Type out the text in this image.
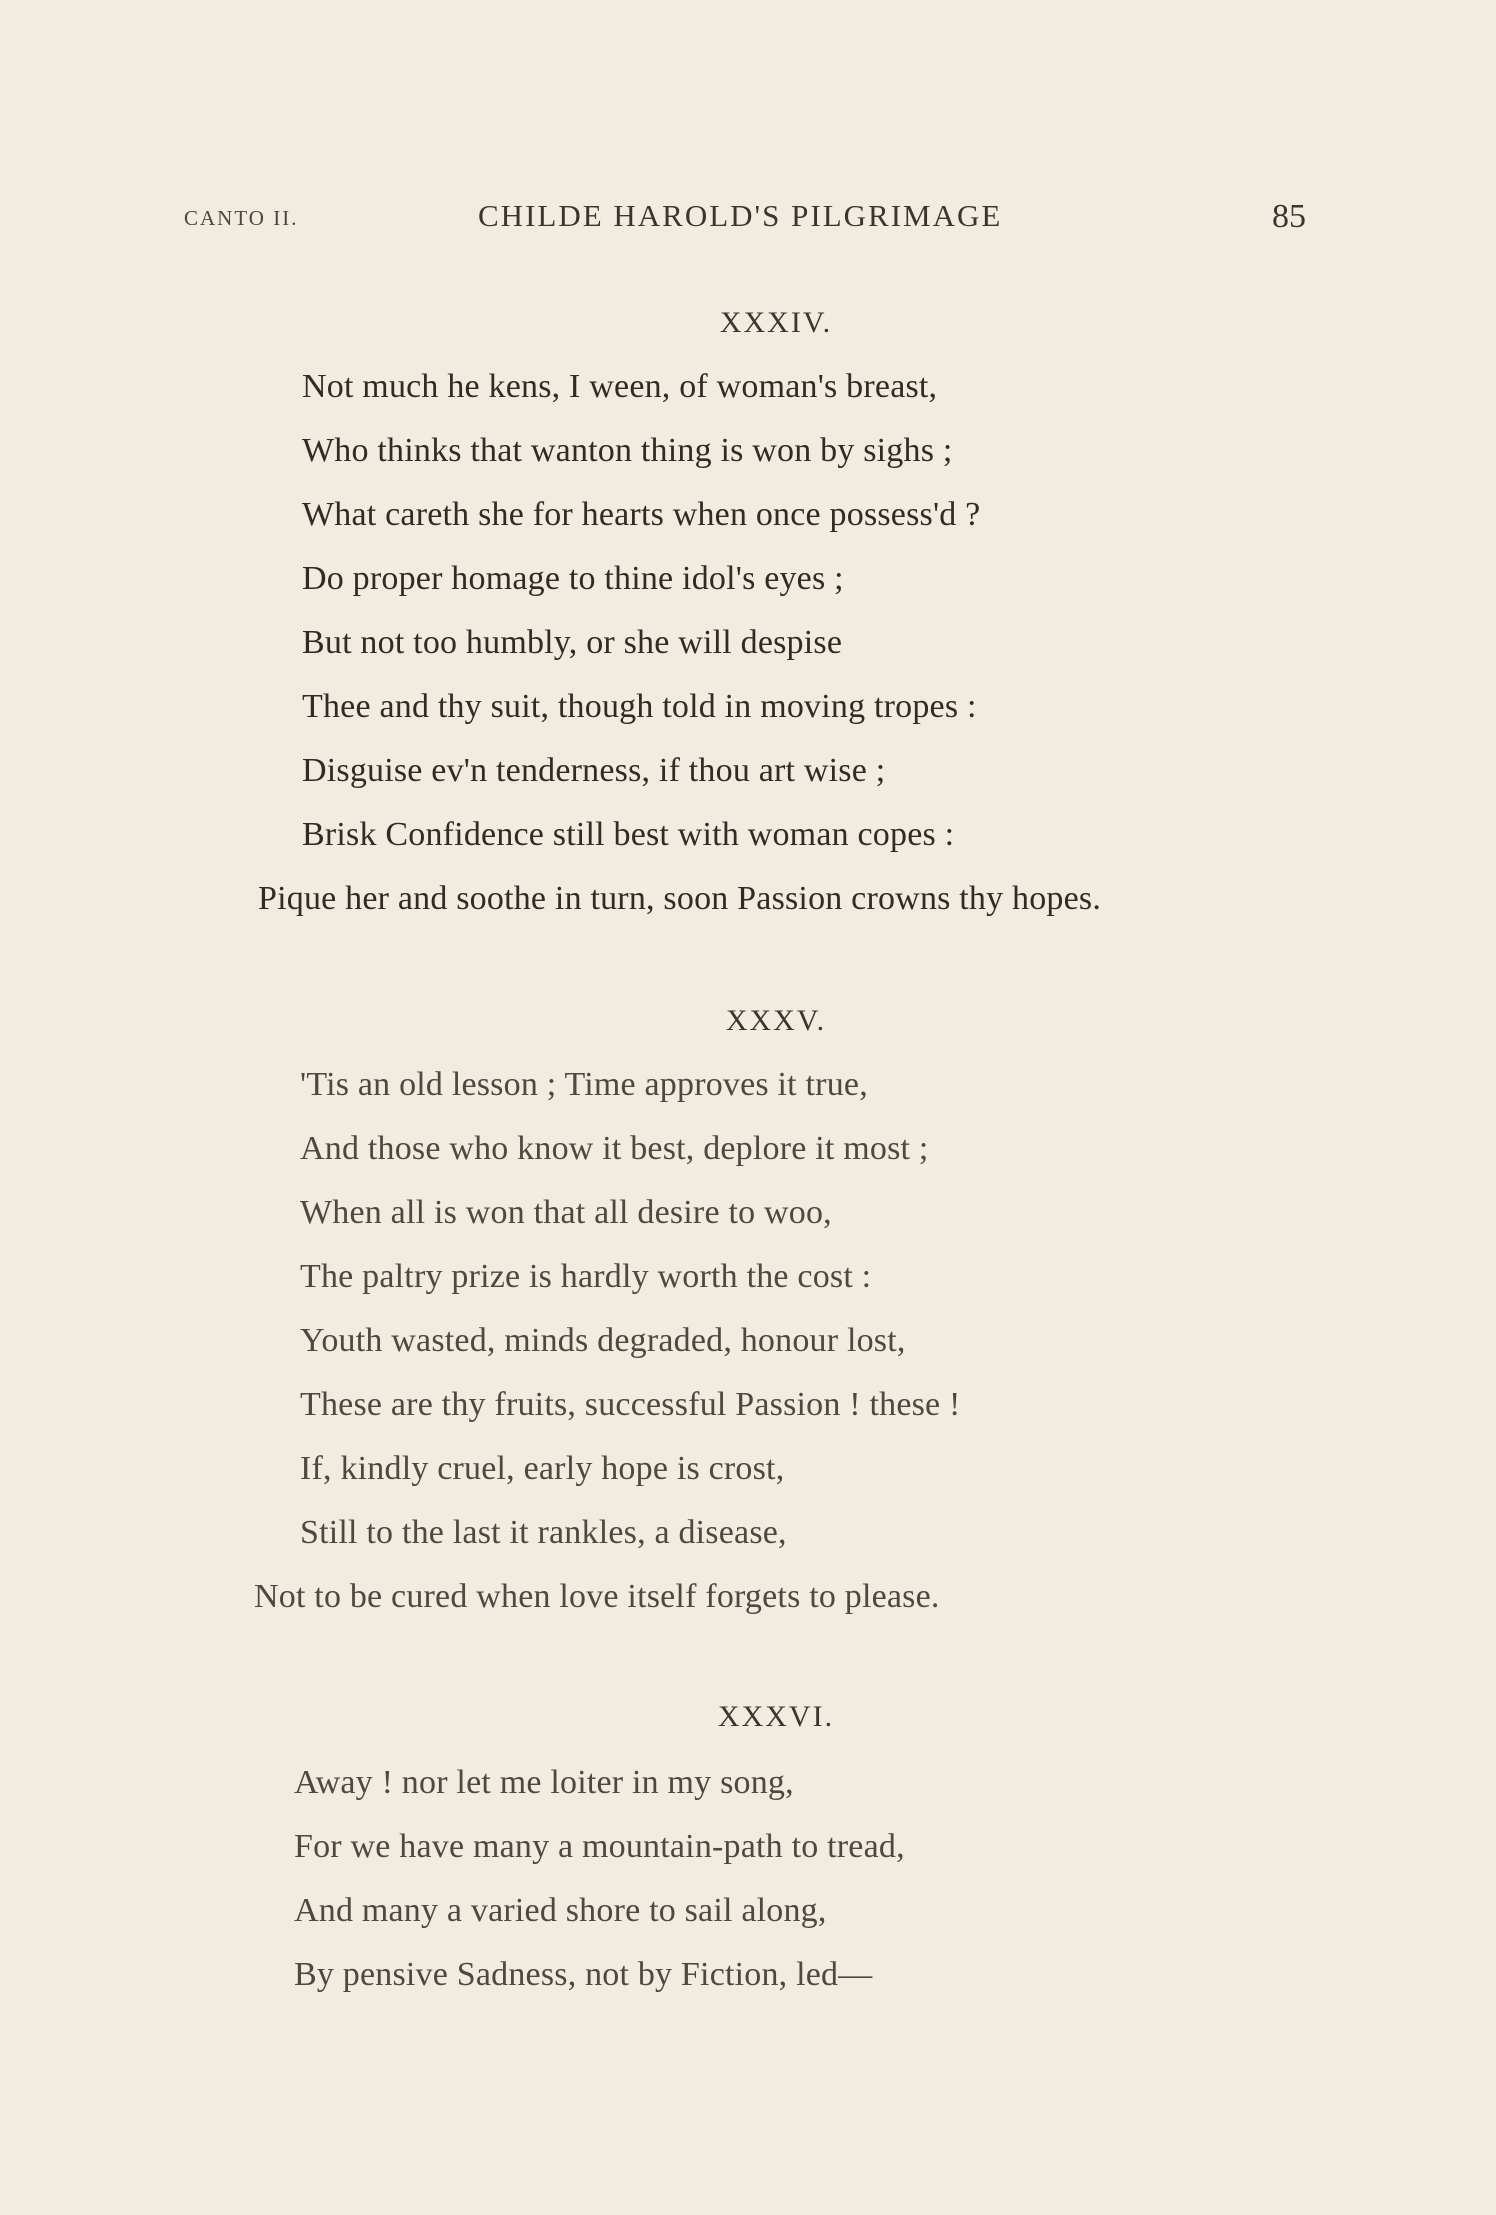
CANTO II.	CHILDE HAROLD'S PILGRIMAGE	85
XXXIV.
Not much he kens, I ween, of woman's breast,
Who thinks that wanton thing is won by sighs ;
What careth she for hearts when once possess'd ?
Do proper homage to thine idol's eyes ;
But not too humbly, or she will despise
Thee and thy suit, though told in moving tropes :
Disguise ev'n tenderness, if thou art wise ;
Brisk Confidence still best with woman copes :
Pique her and soothe in turn, soon Passion crowns thy hopes.
XXXV.
'Tis an old lesson ; Time approves it true,
And those who know it best, deplore it most ;
When all is won that all desire to woo,
The paltry prize is hardly worth the cost :
Youth wasted, minds degraded, honour lost,
These are thy fruits, successful Passion ! these !
If, kindly cruel, early hope is crost,
Still to the last it rankles, a disease,
Not to be cured when love itself forgets to please.
XXXVI.
Away ! nor let me loiter in my song,
For we have many a mountain-path to tread,
And many a varied shore to sail along,
By pensive Sadness, not by Fiction, led—
